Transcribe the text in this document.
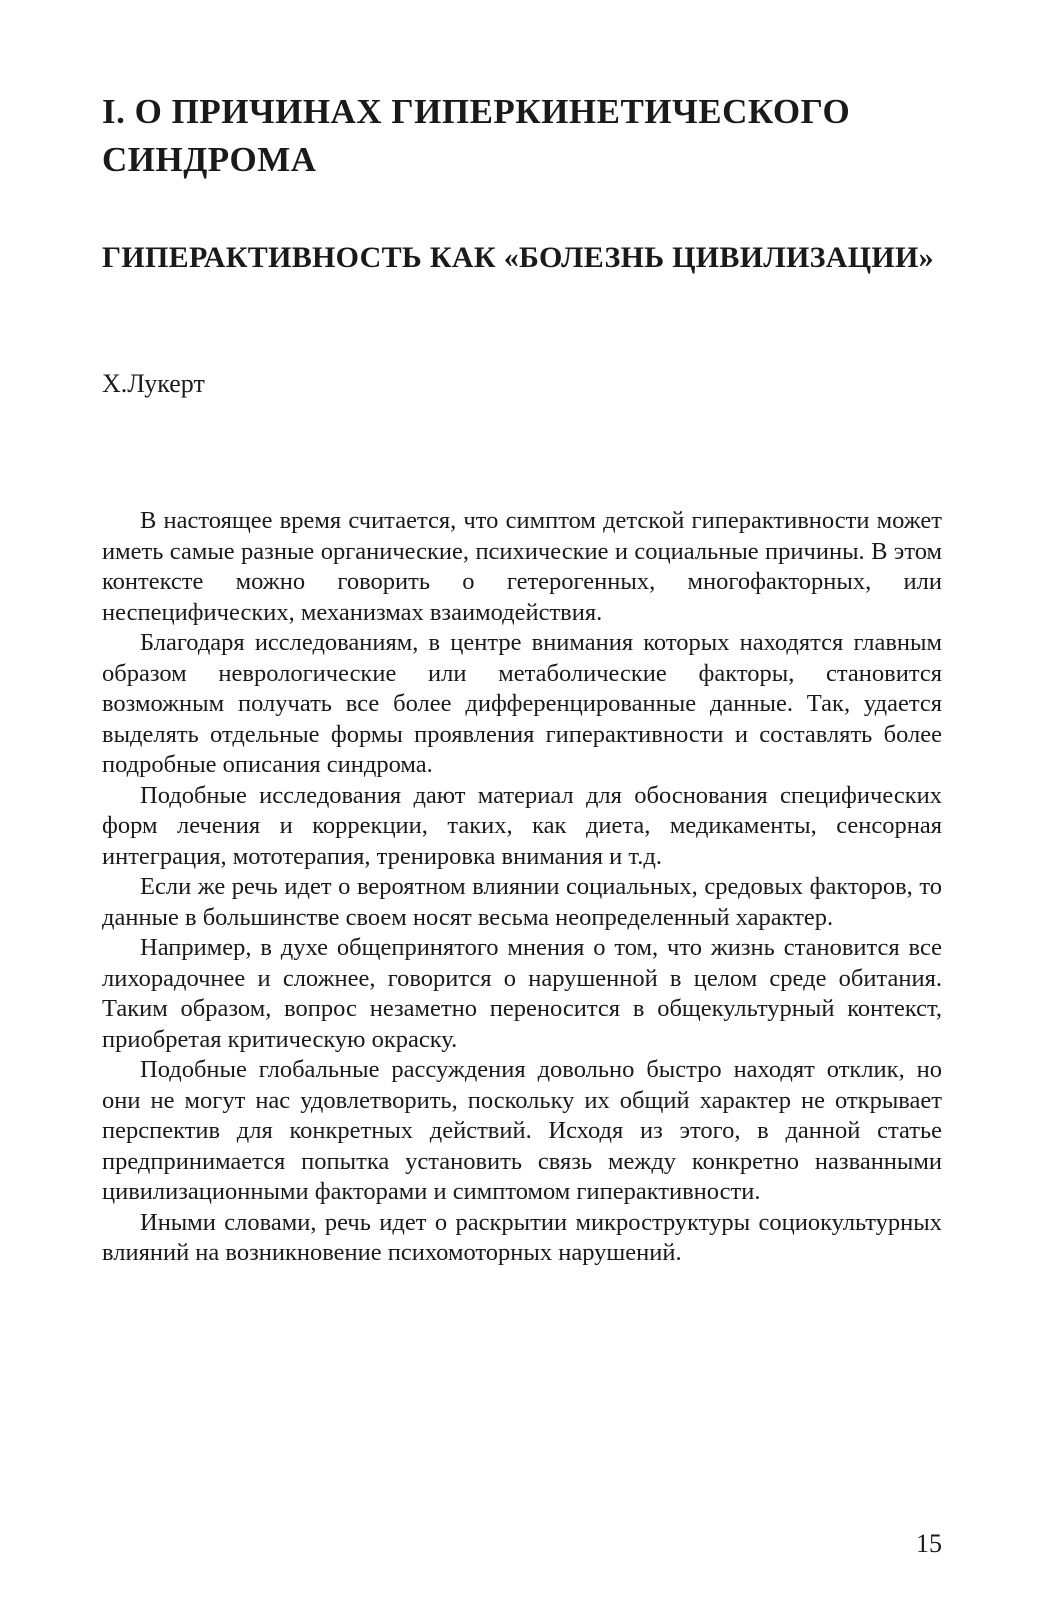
I. О ПРИЧИНАХ ГИПЕРКИНЕТИЧЕСКОГО СИНДРОМА
ГИПЕРАКТИВНОСТЬ КАК «БОЛЕЗНЬ ЦИВИЛИЗАЦИИ»

Х.Лукерт

В настоящее время считается, что симптом детской гиперактивности может иметь самые разные органические, психические и социальные причины. В этом контексте можно говорить о гетерогенных, многофакторных, или неспецифических, механизмах взаимодействия.

Благодаря исследованиям, в центре внимания которых находятся главным образом неврологические или метаболические факторы, становится возможным получать все более дифференцированные данные. Так, удается выделять отдельные формы проявления гиперактивности и составлять более подробные описания синдрома.

Подобные исследования дают материал для обоснования специфических форм лечения и коррекции, таких, как диета, медикаменты, сенсорная интеграция, мототерапия, тренировка внимания и т.д.

Если же речь идет о вероятном влиянии социальных, средовых факторов, то данные в большинстве своем носят весьма неопределенный характер.

Например, в духе общепринятого мнения о том, что жизнь становится все лихорадочнее и сложнее, говорится о нарушенной в целом среде обитания. Таким образом, вопрос незаметно переносится в общекультурный контекст, приобретая критическую окраску.

Подобные глобальные рассуждения довольно быстро находят отклик, но они не могут нас удовлетворить, поскольку их общий характер не открывает перспектив для конкретных действий. Исходя из этого, в данной статье предпринимается попытка установить связь между конкретно названными цивилизационными факторами и симптомом гиперактивности.

Иными словами, речь идет о раскрытии микроструктуры социокультурных влияний на возникновение психомоторных нарушений.

15
